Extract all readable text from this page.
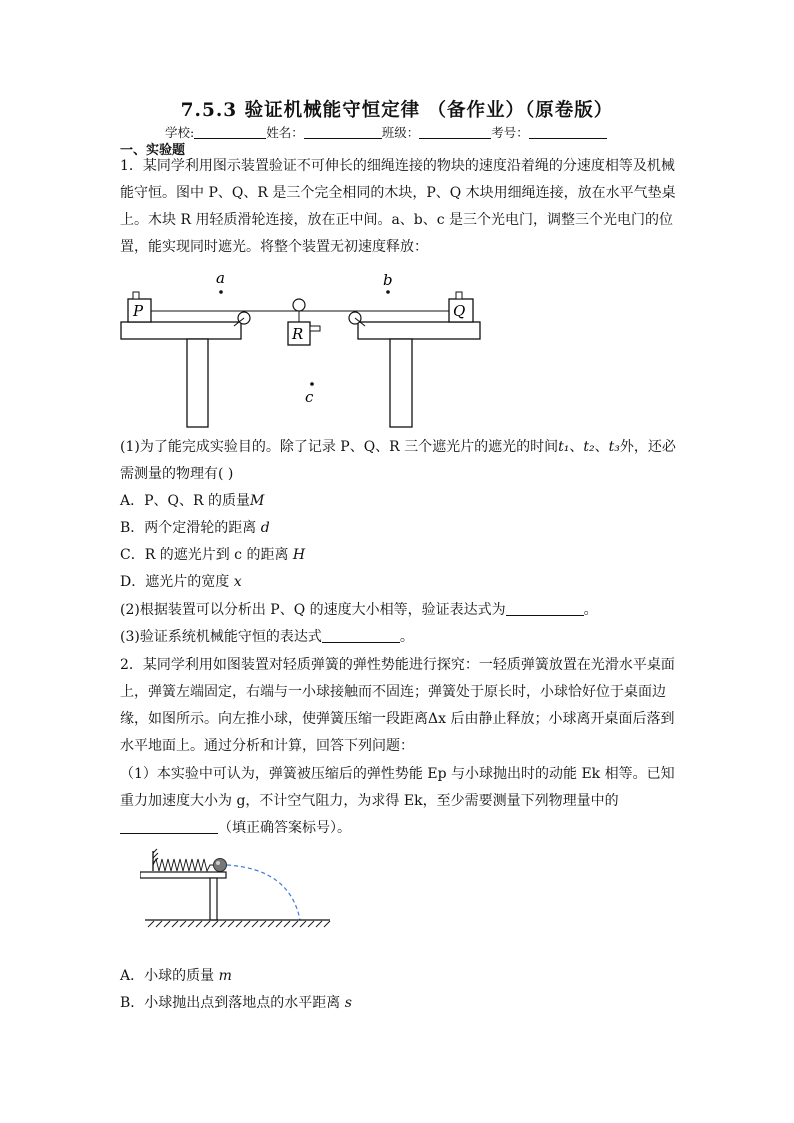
7.5.3 验证机械能守恒定律 （备作业）（原卷版）
学校:	姓名：	班级：	考号：
一、实验题
1．某同学利用图示装置验证不可伸长的细绳连接的物块的速度沿着绳的分速度相等及机械
能守恒。图中 P、Q、R 是三个完全相同的木块，P、Q 木块用细绳连接，放在水平气垫桌
上。木块 R 用轻质滑轮连接，放在正中间。a、b、c 是三个光电门，调整三个光电门的位
置，能实现同时遮光。将整个装置无初速度释放：
P	Q
R
a	b
c
(1)为了能完成实验目的。除了记录 P、Q、R 三个遮光片的遮光的时间t₁、t₂、t₃外，还必
需测量的物理有( )
A．P、Q、R 的质量M
B．两个定滑轮的距离 d
C．R 的遮光片到 c 的距离 H
D．遮光片的宽度 x
(2)根据装置可以分析出 P、Q 的速度大小相等，验证表达式为	。
(3)验证系统机械能守恒的表达式	。
2．某同学利用如图装置对轻质弹簧的弹性势能进行探究：一轻质弹簧放置在光滑水平桌面
上，弹簧左端固定，右端与一小球接触而不固连；弹簧处于原长时，小球恰好位于桌面边
缘，如图所示。向左推小球，使弹簧压缩一段距离Δx 后由静止释放；小球离开桌面后落到
水平地面上。通过分析和计算，回答下列问题：
（1）本实验中可认为，弹簧被压缩后的弹性势能 Ep 与小球抛出时的动能 Ek 相等。已知
重力加速度大小为 g，不计空气阻力，为求得 Ek，至少需要测量下列物理量中的
（填正确答案标号）。
A．小球的质量 m
B．小球抛出点到落地点的水平距离 s
